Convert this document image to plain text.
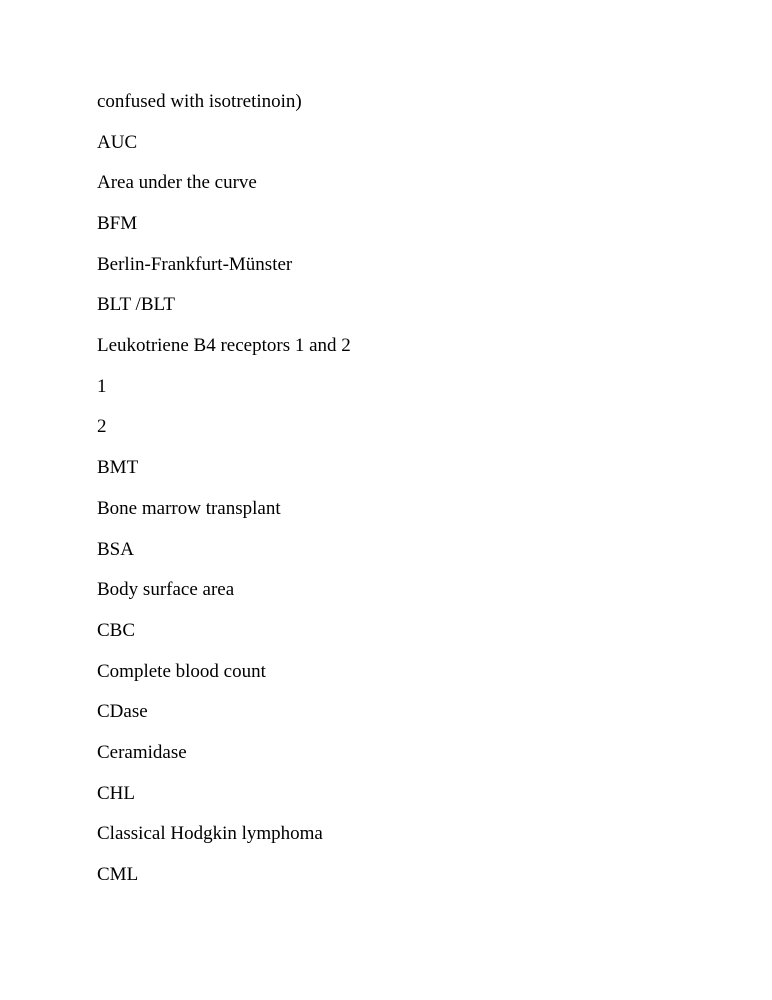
confused with isotretinoin)

AUC

Area under the curve

BFM

Berlin-Frankfurt-Münster

BLT /BLT

Leukotriene B4 receptors 1 and 2

1

2

BMT

Bone marrow transplant

BSA

Body surface area

CBC

Complete blood count

CDase

Ceramidase

CHL

Classical Hodgkin lymphoma

CML
